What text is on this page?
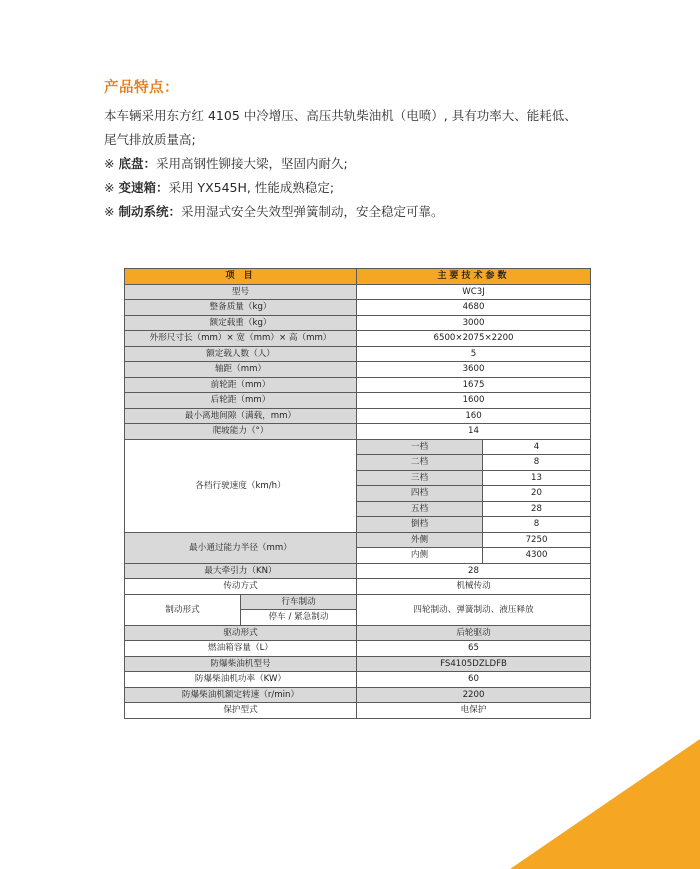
产品特点：
本车辆采用东方红 4105 中冷增压、高压共轨柴油机（电喷）, 具有功率大、能耗低、
尾气排放质量高;
※ 底盘：采用高钢性铆接大梁，坚固内耐久;
※ 变速箱：采用 YX545H, 性能成熟稳定;
※ 制动系统：采用湿式安全失效型弹簧制动，安全稳定可靠。
项 目		主要技术参数	
型号		WC3J	
整备质量（kg）		4680	
额定载重（kg）		3000	
外形尺寸长（mm）× 宽（mm）× 高（mm）		6500×2075×2200	
额定载人数（人）		5	
轴距（mm）		3600	
前轮距（mm）		1675	
后轮距（mm）		1600	
最小离地间隙（满载，mm）		160	
爬坡能力（°）		14	
各档行驶速度（km/h）		一档	4
		二档	8
		三档	13
		四档	20
		五档	28
		倒档	8
最小通过能力半径（mm）		外侧	7250
		内侧	4300
最大牵引力（KN）		28	
传动方式		机械传动	
制动形式	行车制动	四轮制动、弹簧制动、液压释放	
	停车 / 紧急制动		
驱动形式		后轮驱动	
燃油箱容量（L）		65	
防爆柴油机型号		FS4105DZLDFB	
防爆柴油机功率（KW）		60	
防爆柴油机额定转速（r/min）		2200	
保护型式		电保护	
